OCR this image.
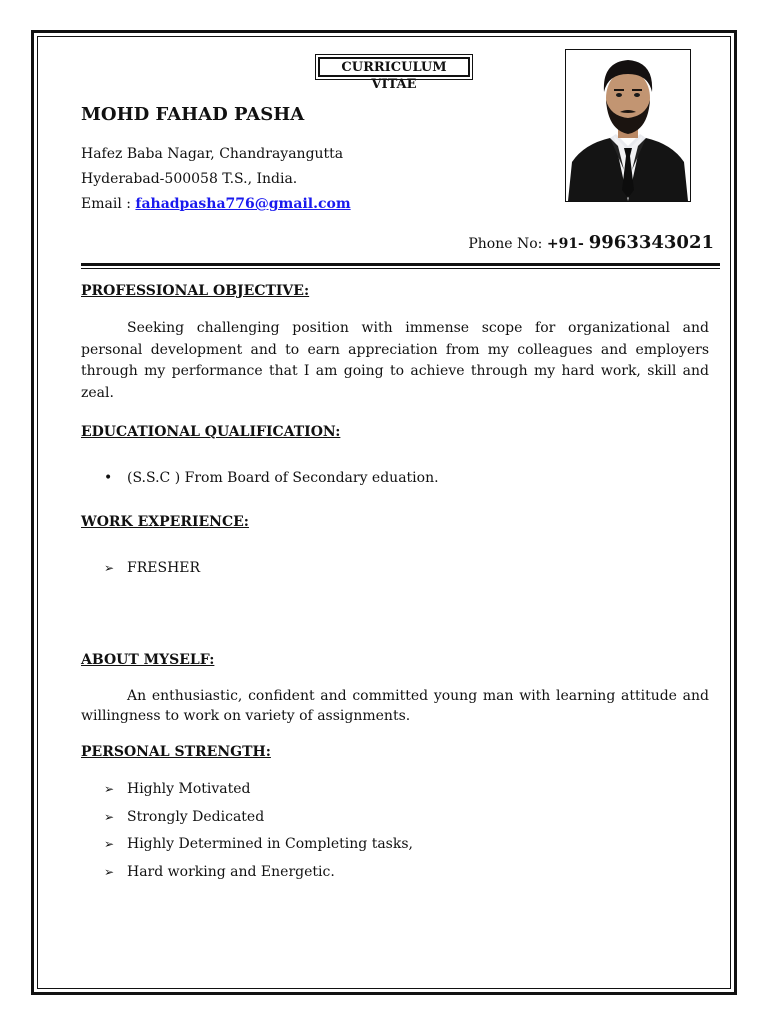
CURRICULUM VITAE
MOHD FAHAD PASHA
Hafez Baba Nagar, Chandrayangutta
Hyderabad-500058 T.S., India.
Email : fahadpasha776@gmail.com
Phone No: +91- 9963343021
PROFESSIONAL OBJECTIVE:

Seeking challenging position with immense scope for organizational and personal development and to earn appreciation from my colleagues and employers through my performance that I am going to achieve through my hard work, skill and zeal.

EDUCATIONAL QUALIFICATION:
• (S.S.C ) From Board of Secondary eduation.
WORK EXPERIENCE:
➢ FRESHER
ABOUT MYSELF:

An enthusiastic, confident and committed young man with learning attitude and willingness to work on variety of assignments.

PERSONAL STRENGTH:
➢ Highly Motivated
➢ Strongly Dedicated
➢ Highly Determined in Completing tasks,
➢ Hard working and Energetic.
